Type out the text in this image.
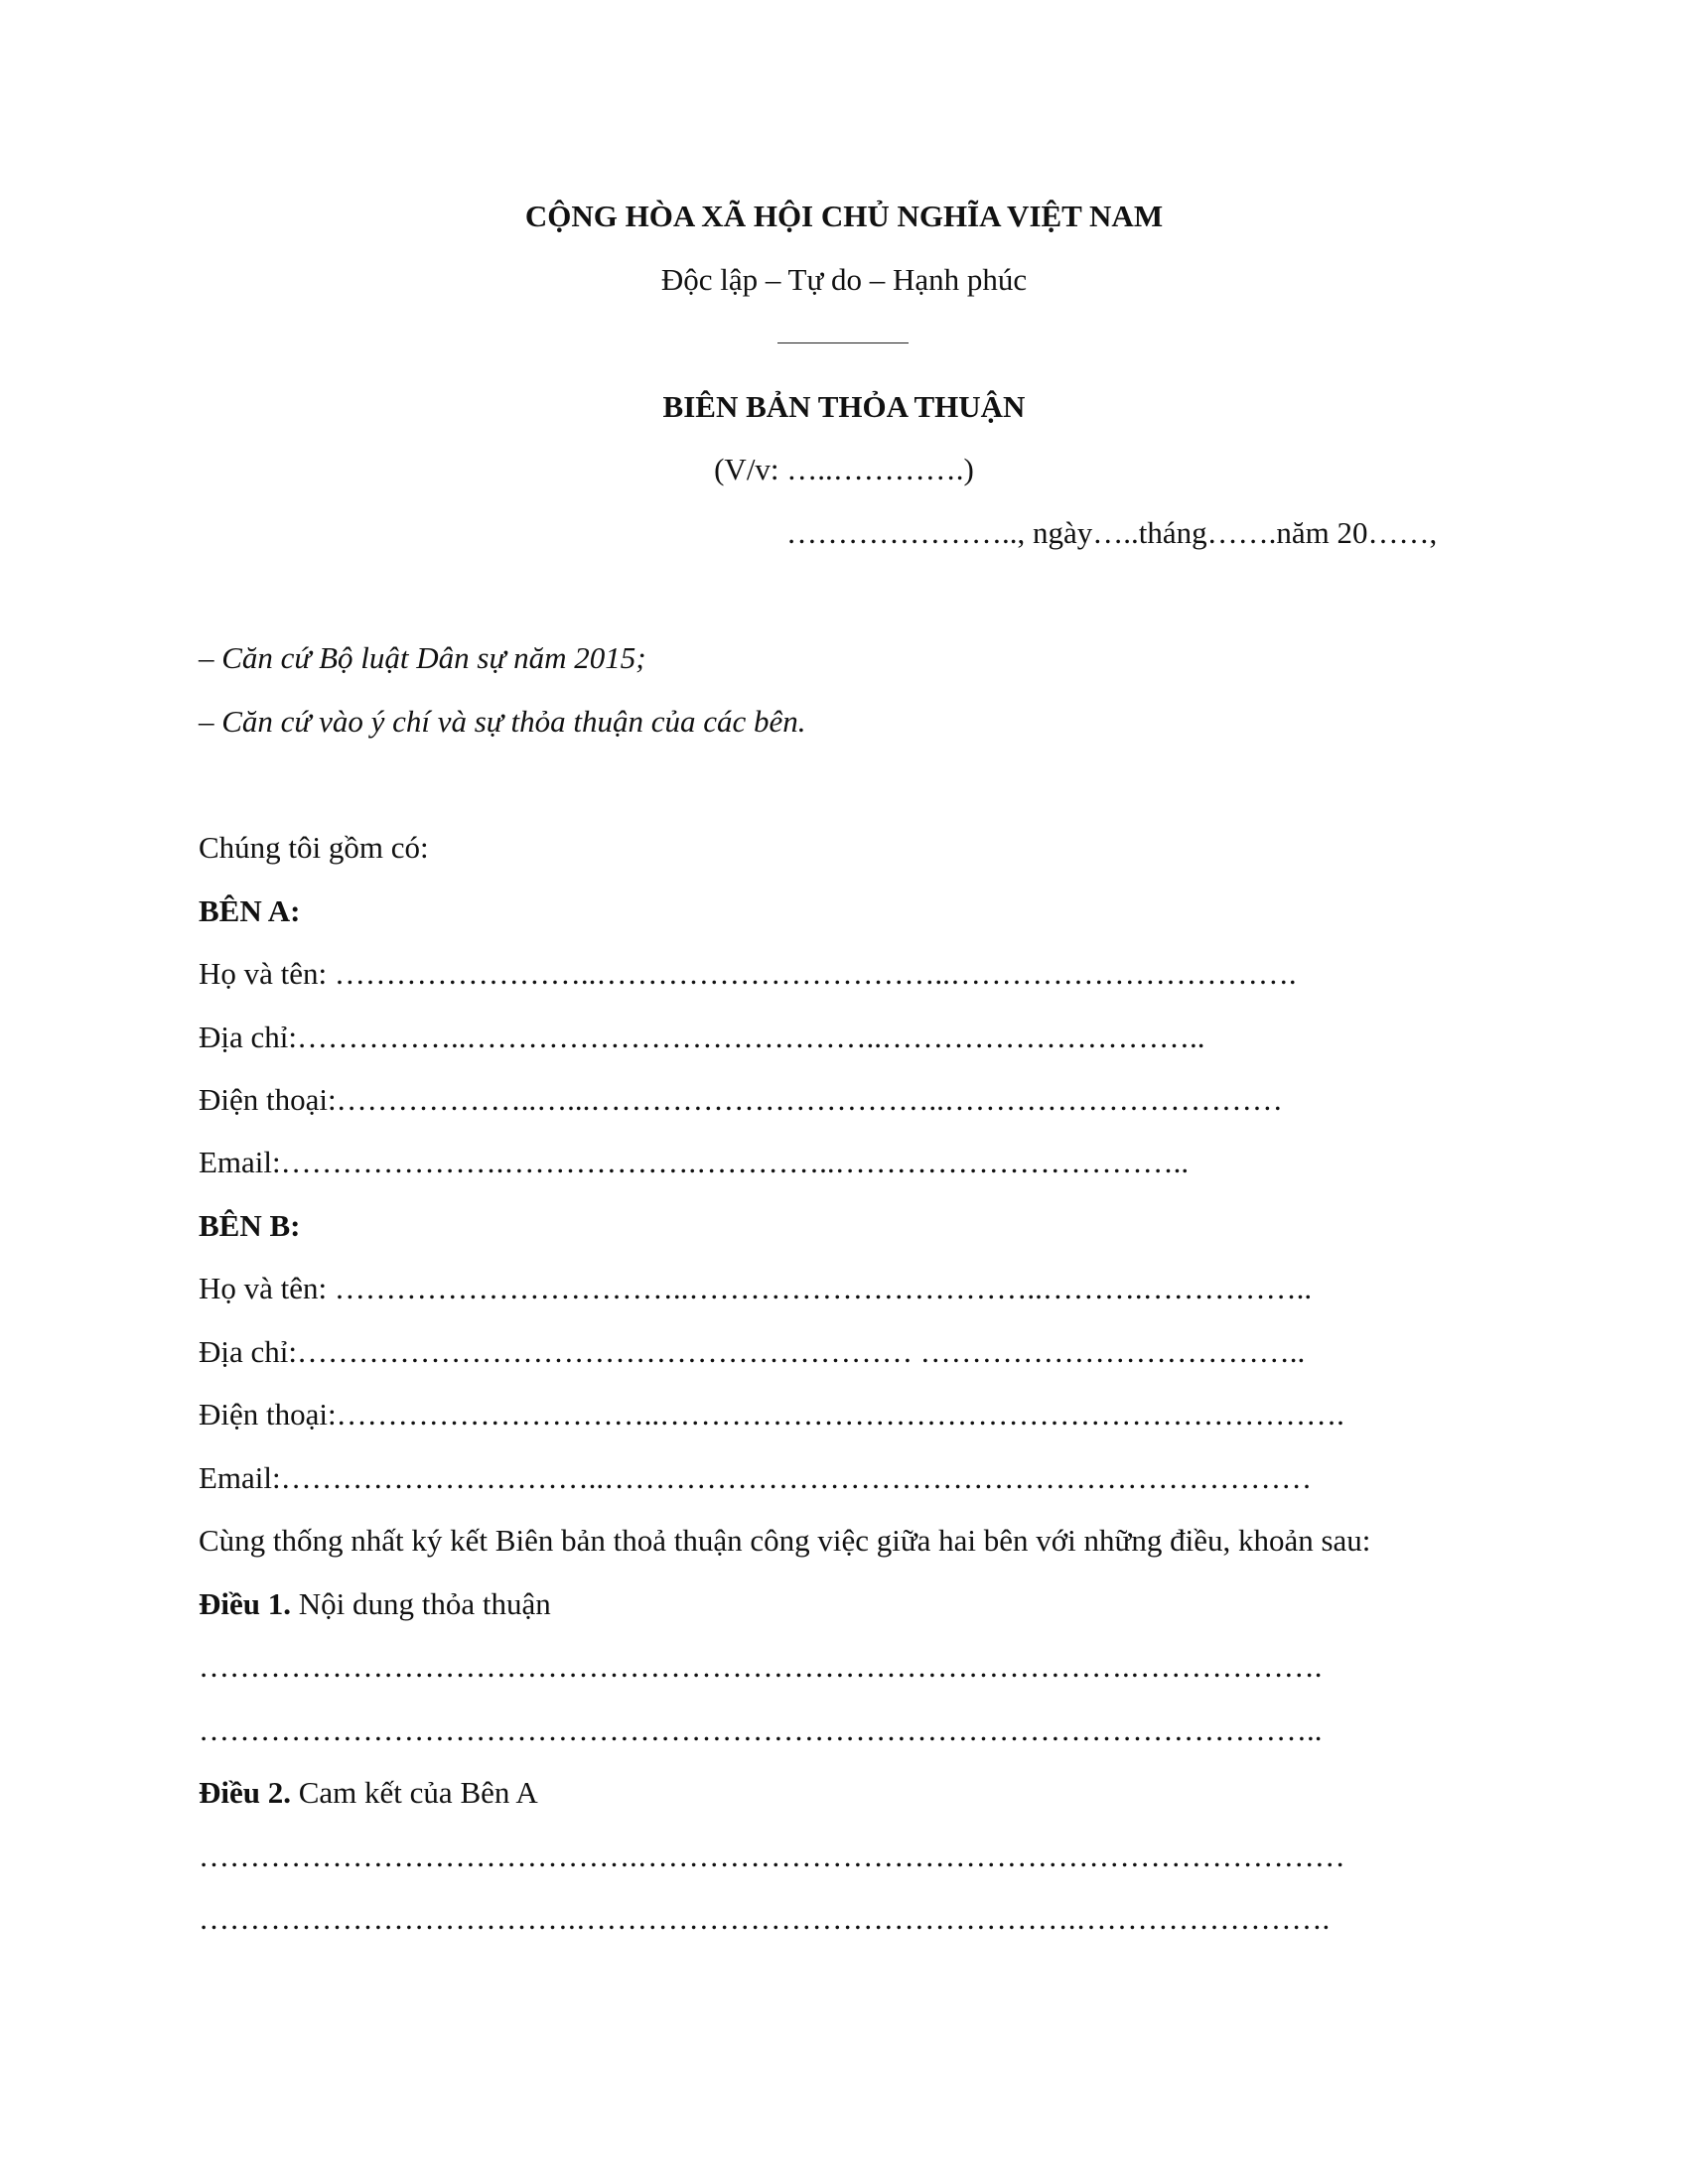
CỘNG HÒA XÃ HỘI CHỦ NGHĨA VIỆT NAM
Độc lập – Tự do – Hạnh phúc
BIÊN BẢN THỎA THUẬN
(V/v: …..………….)
………………….., ngày…..tháng…….năm 20……,
– Căn cứ Bộ luật Dân sự năm 2015;
– Căn cứ vào ý chí và sự thỏa thuận của các bên.
Chúng tôi gồm có:
BÊN A:
Họ và tên: ……………………..……………………………..…………………………….
Địa chỉ:……………..…………………………………..…………………………..
Điện thoại:………………..…...……………………………..……………………………
Email:………………….……………….…………..……………………………..
BÊN B:
Họ và tên: ……………………………..……………………………..……….……………..
Địa chỉ:…………………………………………………… ………………………………..
Điện thoại:…………………………..………………………………………………………….
Email:…………………………..……………………………………………………………
Cùng thống nhất ký kết Biên bản thoả thuận công việc giữa hai bên với những điều, khoản sau:
Điều 1. Nội dung thỏa thuận
……………………………………………………………………………….……………….
………………………………………………………………………………………………..
Điều 2. Cam kết của Bên A
…………………………………….……………………………………………………………
……………………………….………………………………………….…………………….
